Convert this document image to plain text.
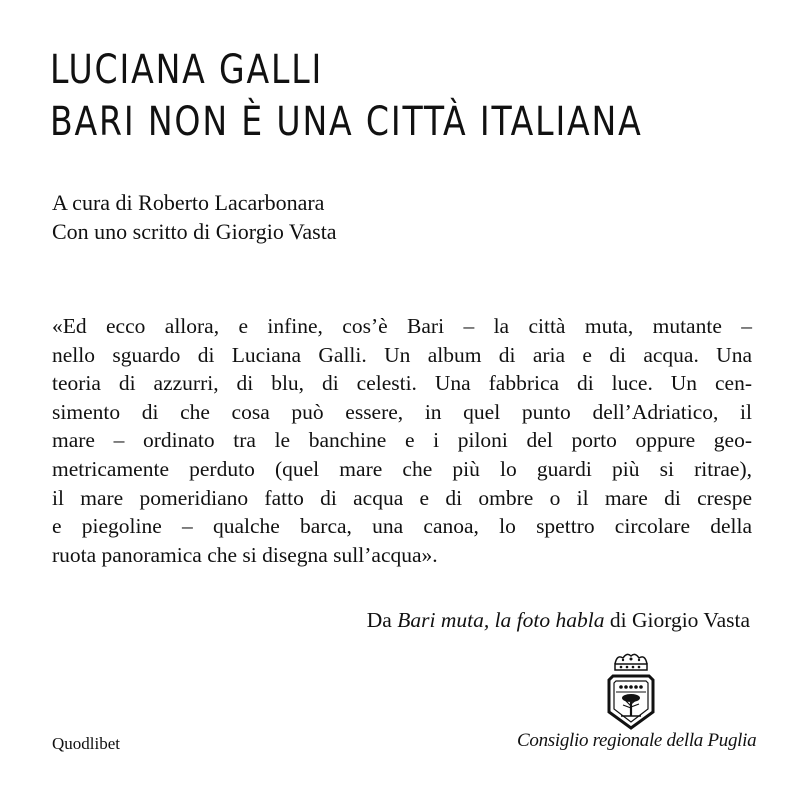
LUCIANA GALLI
BARI NON È UNA CITTÀ ITALIANA
A cura di Roberto Lacarbonara
Con uno scritto di Giorgio Vasta
«Ed ecco allora, e infine, cos’è Bari – la città muta, mutante –
nello sguardo di Luciana Galli. Un album di aria e di acqua. Una
teoria di azzurri, di blu, di celesti. Una fabbrica di luce. Un cen-
simento di che cosa può essere, in quel punto dell’Adriatico, il
mare – ordinato tra le banchine e i piloni del porto oppure geo-
metricamente perduto (quel mare che più lo guardi più si ritrae),
il mare pomeridiano fatto di acqua e di ombre o il mare di crespe
e piegoline – qualche barca, una canoa, lo spettro circolare della
ruota panoramica che si disegna sull’acqua».
Da Bari muta, la foto habla di Giorgio Vasta
Quodlibet	Consiglio regionale della Puglia
